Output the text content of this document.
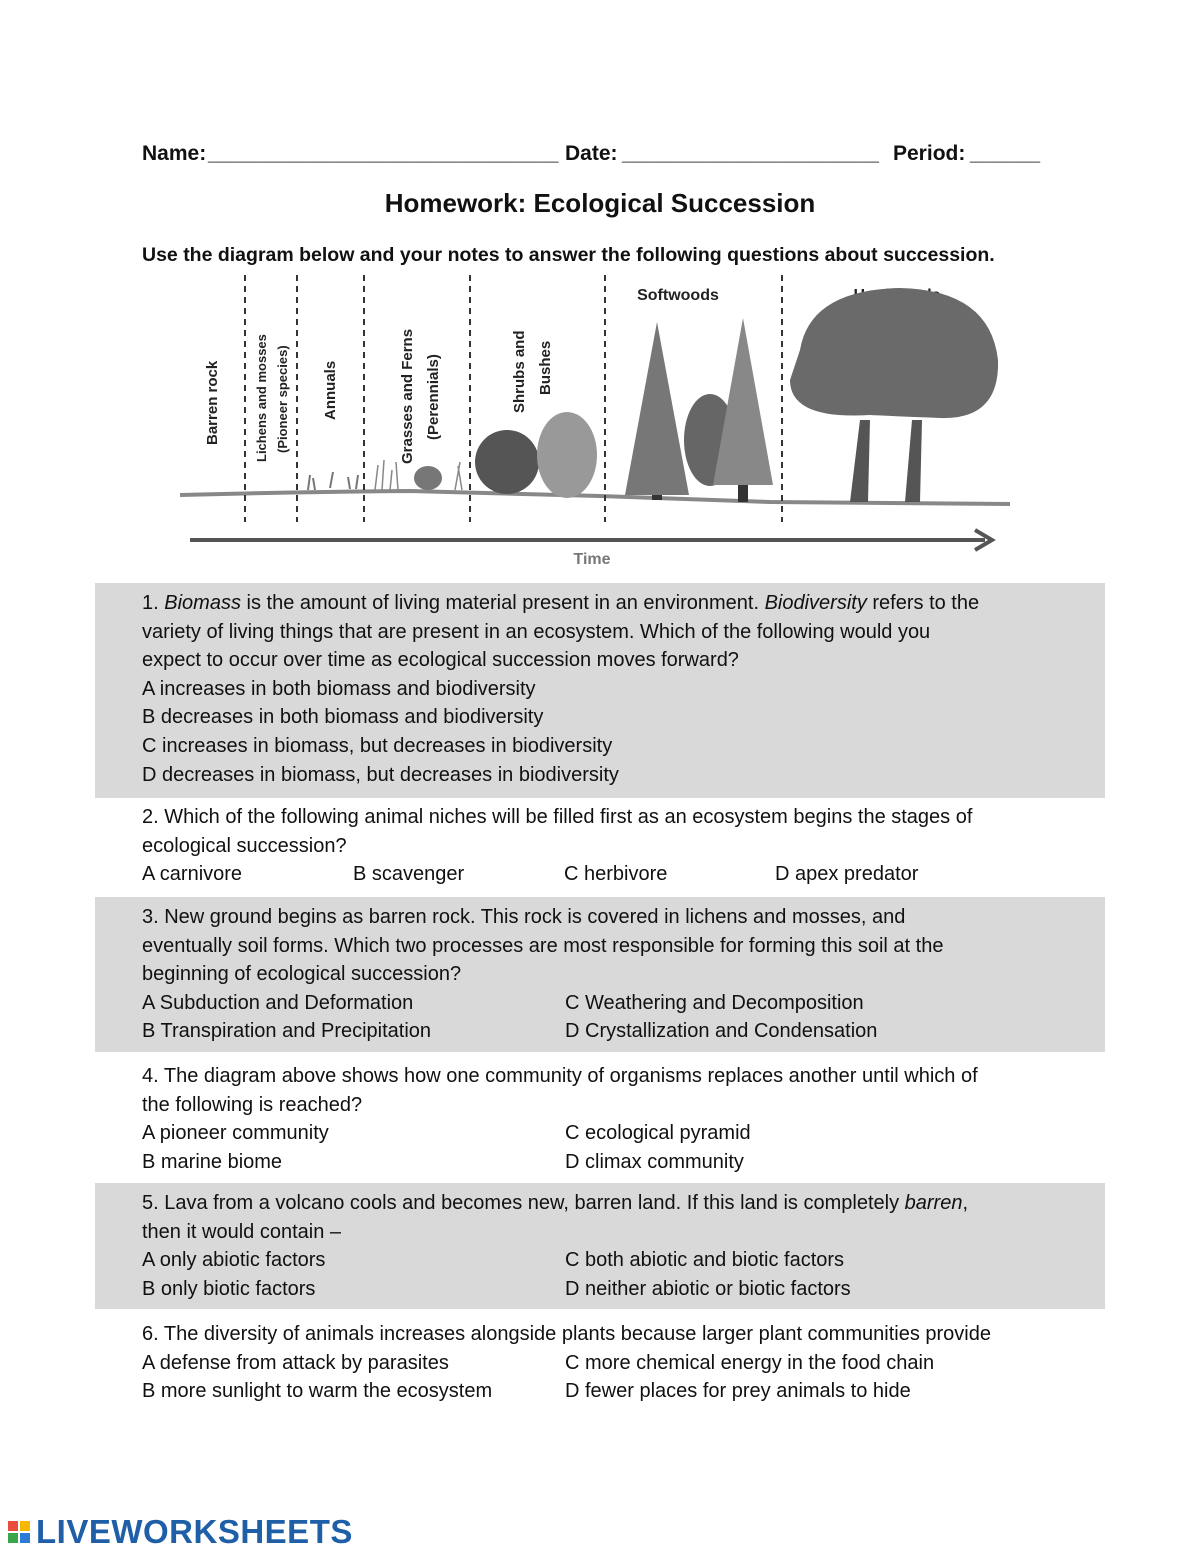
Name: ______________________________ Date: ______________________ Period: ______
Homework: Ecological Succession
Use the diagram below and your notes to answer the following questions about succession.
Barren rock	Lichens and mosses (Pioneer species) Annuals	Grasses and Ferns (Perennials)	Shrubs and Bushes
Softwoods
Time
1. Biomass is the amount of living material present in an environment. Biodiversity refers to the
variety of living things that are present in an ecosystem. Which of the following would you
expect to occur over time as ecological succession moves forward?
A increases in both biomass and biodiversity
B decreases in both biomass and biodiversity
C increases in biomass, but decreases in biodiversity
D decreases in biomass, but decreases in biodiversity
2. Which of the following animal niches will be filled first as an ecosystem begins the stages of
ecological succession?
A carnivore	B scavenger	C herbivore	D apex predator
3. New ground begins as barren rock. This rock is covered in lichens and mosses, and
eventually soil forms. Which two processes are most responsible for forming this soil at the
beginning of ecological succession?
A Subduction and Deformation	C Weathering and Decomposition
B Transpiration and Precipitation	D Crystallization and Condensation
4. The diagram above shows how one community of organisms replaces another until which of
the following is reached?
A pioneer community	C ecological pyramid
B marine biome	D climax community
5. Lava from a volcano cools and becomes new, barren land. If this land is completely barren,
then it would contain –
A only abiotic factors	C both abiotic and biotic factors
B only biotic factors	D neither abiotic or biotic factors
6. The diversity of animals increases alongside plants because larger plant communities provide
A defense from attack by parasites	C more chemical energy in the food chain
B more sunlight to warm the ecosystem	D fewer places for prey animals to hide
LIVEWORKSHEETS
